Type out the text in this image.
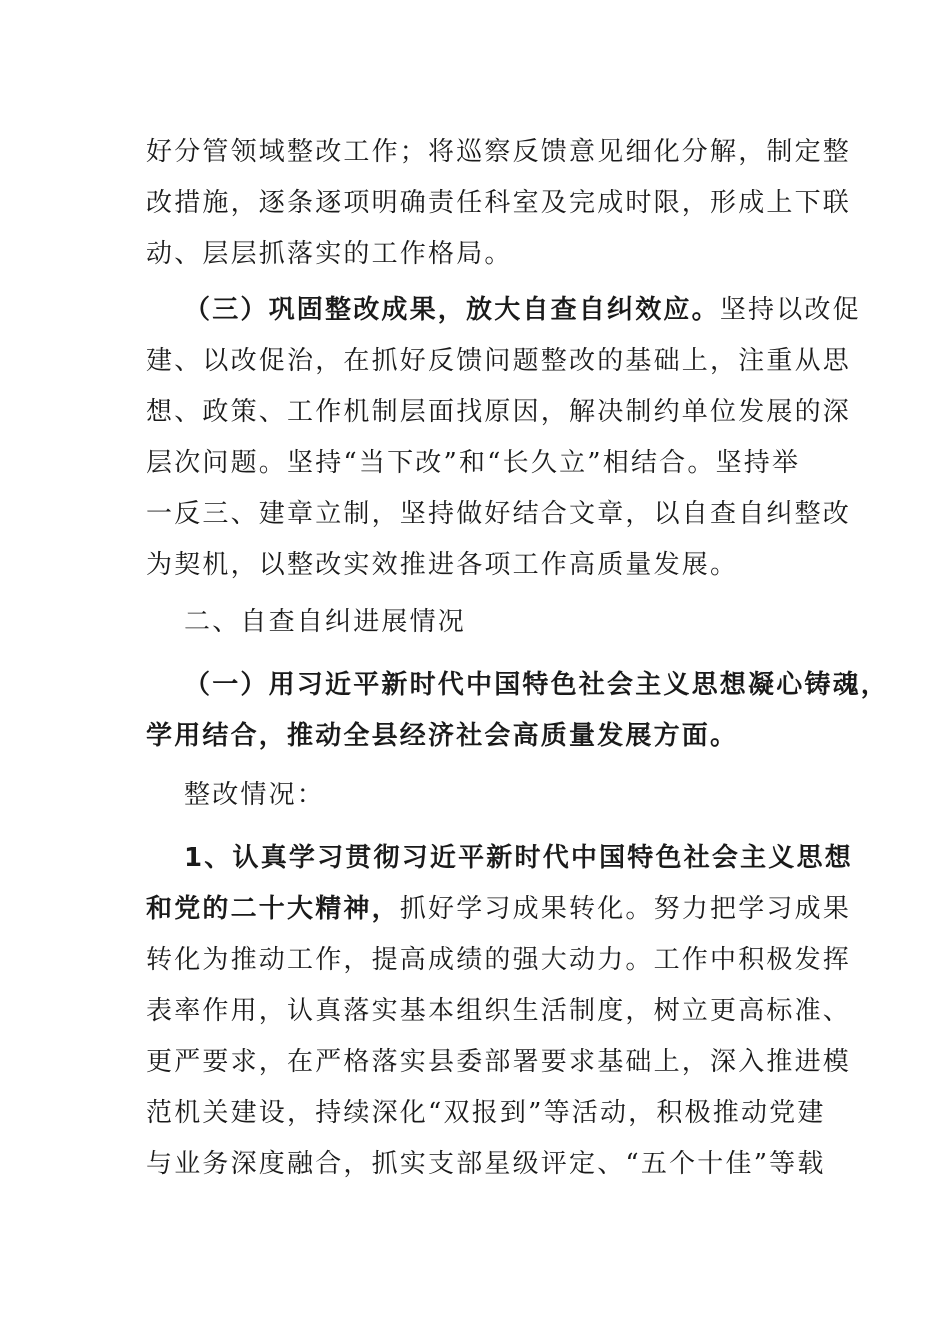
好分管领域整改工作；将巡察反馈意见细化分解，制定整
改措施，逐条逐项明确责任科室及完成时限，形成上下联
动、层层抓落实的工作格局。
（三）巩固整改成果，放大自查自纠效应。坚持以改促
建、以改促治，在抓好反馈问题整改的基础上，注重从思
想、政策、工作机制层面找原因，解决制约单位发展的深
层次问题。坚持“当下改”和“长久立”相结合。坚持举
一反三、建章立制，坚持做好结合文章，以自查自纠整改
为契机，以整改实效推进各项工作高质量发展。
二、自查自纠进展情况
（一）用习近平新时代中国特色社会主义思想凝心铸魂，
学用结合，推动全县经济社会高质量发展方面。
整改情况：
1、认真学习贯彻习近平新时代中国特色社会主义思想
和党的二十大精神，抓好学习成果转化。努力把学习成果
转化为推动工作，提高成绩的强大动力。工作中积极发挥
表率作用，认真落实基本组织生活制度，树立更高标准、
更严要求，在严格落实县委部署要求基础上，深入推进模
范机关建设，持续深化“双报到”等活动，积极推动党建
与业务深度融合，抓实支部星级评定、“五个十佳”等载
